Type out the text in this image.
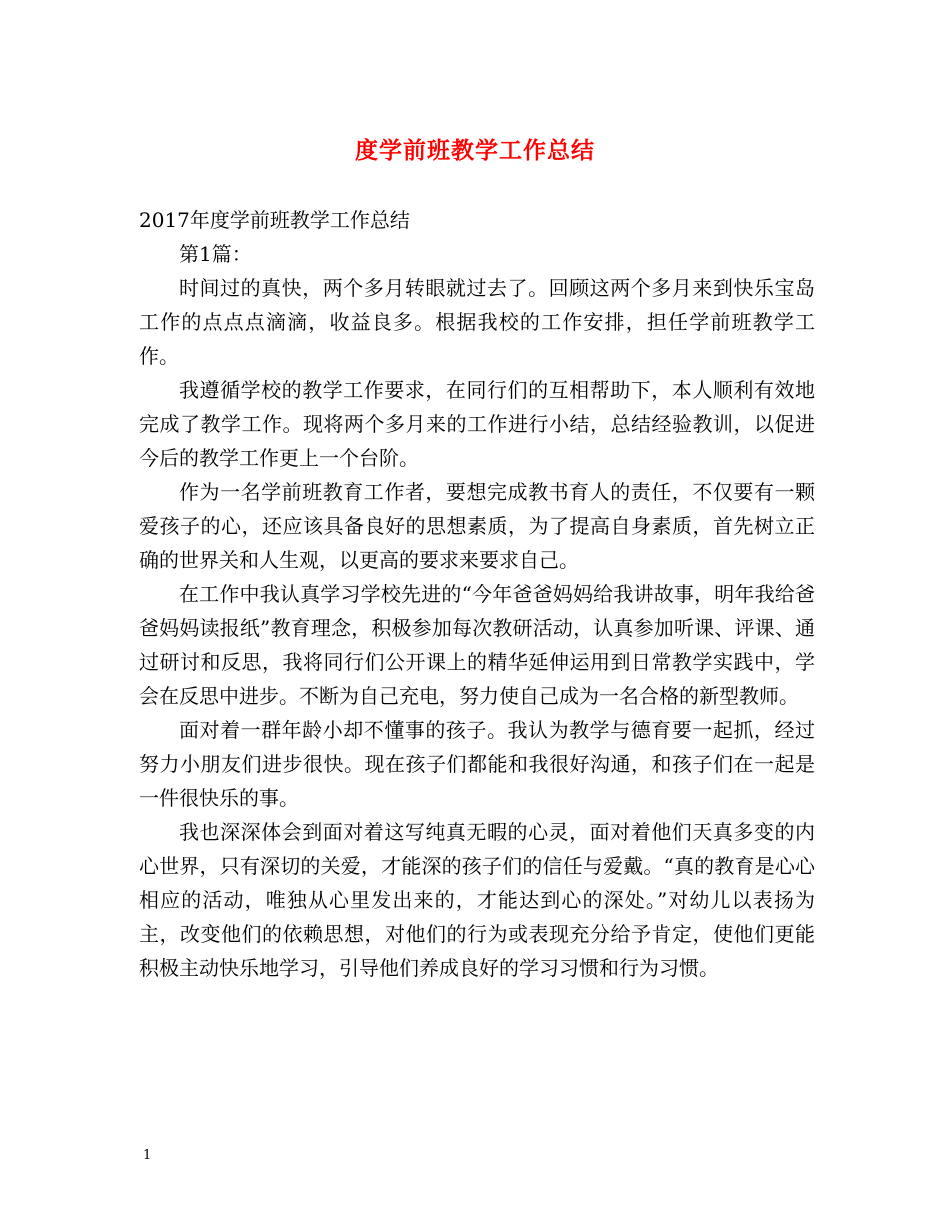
度学前班教学工作总结

2017年度学前班教学工作总结

第1篇：

时间过的真快，两个多月转眼就过去了。回顾这两个多月来到快乐宝岛工作的点点点滴滴，收益良多。根据我校的工作安排，担任学前班教学工作。

我遵循学校的教学工作要求，在同行们的互相帮助下，本人顺利有效地完成了教学工作。现将两个多月来的工作进行小结，总结经验教训，以促进今后的教学工作更上一个台阶。

作为一名学前班教育工作者，要想完成教书育人的责任，不仅要有一颗爱孩子的心，还应该具备良好的思想素质，为了提高自身素质，首先树立正确的世界关和人生观，以更高的要求来要求自己。

在工作中我认真学习学校先进的“今年爸爸妈妈给我讲故事，明年我给爸爸妈妈读报纸”教育理念，积极参加每次教研活动，认真参加听课、评课、通过研讨和反思，我将同行们公开课上的精华延伸运用到日常教学实践中，学会在反思中进步。不断为自己充电，努力使自己成为一名合格的新型教师。

面对着一群年龄小却不懂事的孩子。我认为教学与德育要一起抓，经过努力小朋友们进步很快。现在孩子们都能和我很好沟通，和孩子们在一起是一件很快乐的事。

我也深深体会到面对着这写纯真无暇的心灵，面对着他们天真多变的内心世界，只有深切的关爱，才能深的孩子们的信任与爱戴。“真的教育是心心相应的活动，唯独从心里发出来的，才能达到心的深处。”对幼儿以表扬为主，改变他们的依赖思想，对他们的行为或表现充分给予肯定，使他们更能积极主动快乐地学习，引导他们养成良好的学习习惯和行为习惯。

1
